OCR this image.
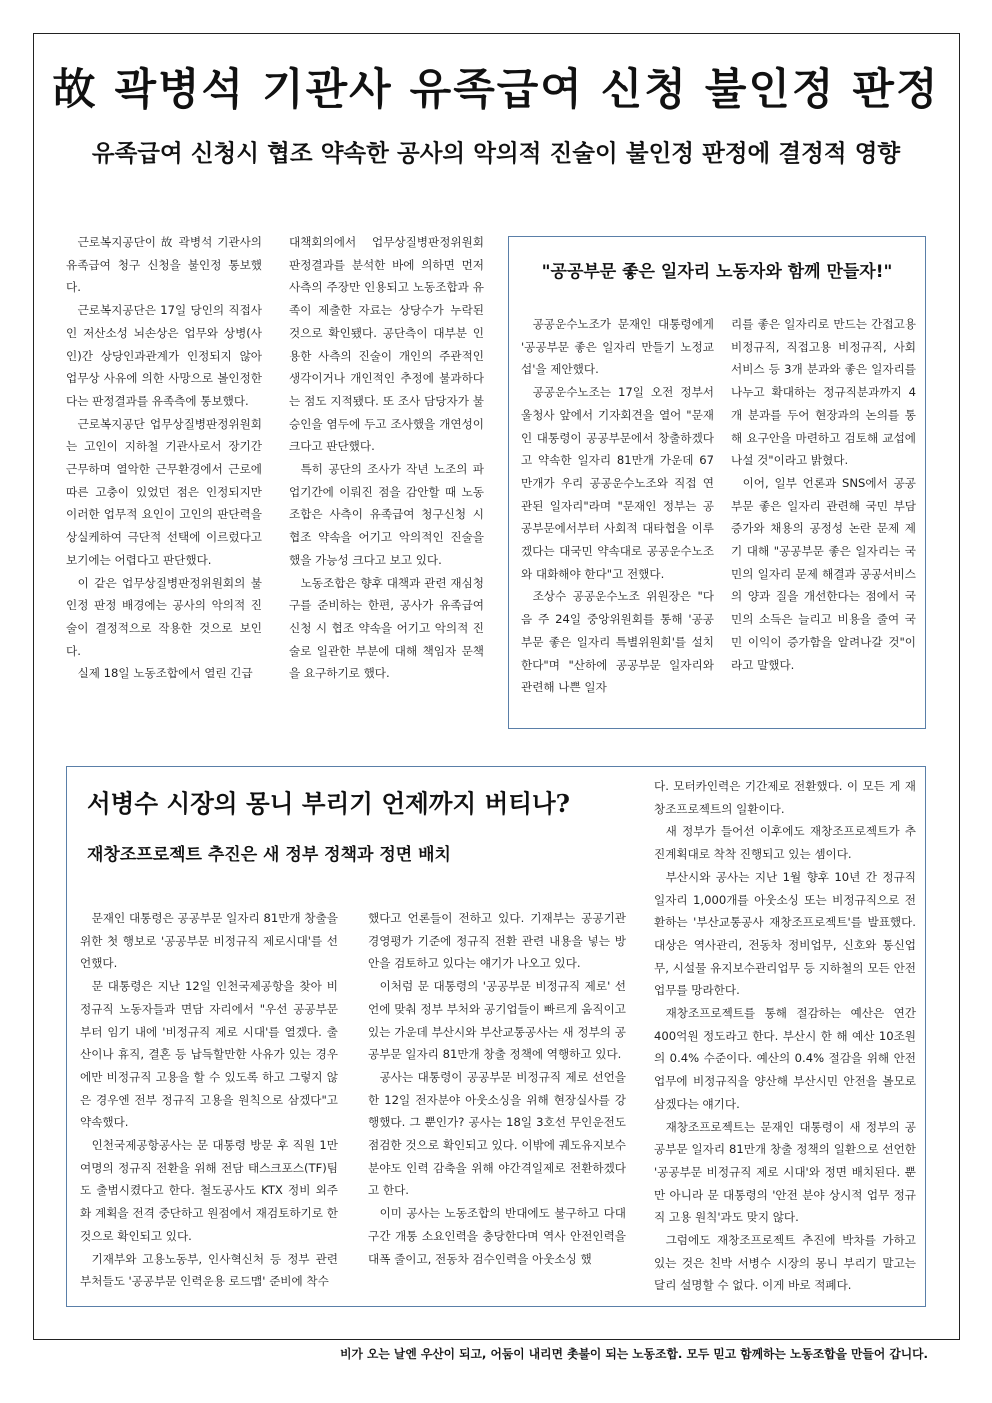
故 곽병석 기관사 유족급여 신청 불인정 판정
유족급여 신청시 협조 약속한 공사의 악의적 진술이 불인정 판정에 결정적 영향

근로복지공단이 故 곽병석 기관사의 유족급여 청구 신청을 불인정 통보했다.

근로복지공단은 17일 당인의 직접사인 저산소성 뇌손상은 업무와 상병(사인)간 상당인과관계가 인정되지 않아 업무상 사유에 의한 사망으로 볼인정한다는 판정결과를 유족측에 통보했다.

근로복지공단 업무상질병판정위원회는 고인이 지하철 기관사로서 장기간 근무하며 열악한 근무환경에서 근로에 따른 고충이 있었던 점은 인정되지만 이러한 업무적 요인이 고인의 판단력을 상실케하여 극단적 선택에 이르렀다고 보기에는 어렵다고 판단했다.

이 같은 업무상질병판정위원회의 불인정 판정 배경에는 공사의 악의적 진술이 결정적으로 작용한 것으로 보인다.

실제 18일 노동조합에서 열린 긴급

대책회의에서 업무상질병판정위원회 판정결과를 분석한 바에 의하면 먼저 사측의 주장만 인용되고 노동조합과 유족이 제출한 자료는 상당수가 누락된 것으로 확인됐다. 공단측이 대부분 인용한 사측의 진술이 개인의 주관적인 생각이거나 개인적인 추정에 불과하다는 점도 지적됐다. 또 조사 담당자가 불승인을 염두에 두고 조사했을 개연성이 크다고 판단했다.

특히 공단의 조사가 작년 노조의 파업기간에 이뤄진 점을 감안할 때 노동조합은 사측이 유족급여 청구신청 시 협조 약속을 어기고 악의적인 진술을 했을 가능성 크다고 보고 있다.

노동조합은 향후 대책과 관련 재심청구를 준비하는 한편, 공사가 유족급여 신청 시 협조 약속을 어기고 악의적 진술로 일관한 부분에 대해 책임자 문책을 요구하기로 했다.

"공공부문 좋은 일자리 노동자와 함께 만들자!"

공공운수노조가 문재인 대통령에게 '공공부문 좋은 일자리 만들기 노정교섭'을 제안했다.

공공운수노조는 17일 오전 정부서울청사 앞에서 기자회견을 열어 "문재인 대통령이 공공부문에서 창출하겠다고 약속한 일자리 81만개 가운데 67만개가 우리 공공운수노조와 직접 연관된 일자리"라며 "문재인 정부는 공공부문에서부터 사회적 대타협을 이루겠다는 대국민 약속대로 공공운수노조와 대화해야 한다"고 전했다.

조상수 공공운수노조 위원장은 "다음 주 24일 중앙위원회를 통해 '공공부문 좋은 일자리 특별위원회'를 설치한다"며 "산하에 공공부문 일자리와 관련해 나쁜 일자

리를 좋은 일자리로 만드는 간접고용 비정규직, 직접고용 비정규직, 사회서비스 등 3개 분과와 좋은 일자리를 나누고 확대하는 정규직분과까지 4개 분과를 두어 현장과의 논의를 통해 요구안을 마련하고 검토해 교섭에 나설 것"이라고 밝혔다.

이어, 일부 언론과 SNS에서 공공부문 좋은 일자리 관련해 국민 부담 증가와 채용의 공정성 논란 문제 제기 대해 "공공부문 좋은 일자리는 국민의 일자리 문제 해결과 공공서비스의 양과 질을 개선한다는 점에서 국민의 소득은 늘리고 비용을 줄여 국민 이익이 증가함을 알려나갈 것"이라고 말했다.

서병수 시장의 몽니 부리기 언제까지 버티나?
재창조프로젝트 추진은 새 정부 정책과 정면 배치

문재인 대통령은 공공부문 일자리 81만개 창출을 위한 첫 행보로 '공공부문 비정규직 제로시대'를 선언했다.

문 대통령은 지난 12일 인천국제공항을 찾아 비정규직 노동자들과 면담 자리에서 "우선 공공부문부터 임기 내에 '비정규직 제로 시대'를 열겠다. 출산이나 휴직, 결혼 등 납득할만한 사유가 있는 경우에만 비정규직 고용을 할 수 있도록 하고 그렇지 않은 경우엔 전부 정규직 고용을 원칙으로 삼겠다"고 약속했다.

인천국제공항공사는 문 대통령 방문 후 직원 1만여명의 정규직 전환을 위해 전담 태스크포스(TF)팀도 출범시켰다고 한다. 철도공사도 KTX 정비 외주화 계획을 전격 중단하고 원점에서 재검토하기로 한 것으로 확인되고 있다.

기재부와 고용노동부, 인사혁신처 등 정부 관련 부처들도 '공공부문 인력운용 로드맵' 준비에 착수

했다고 언론들이 전하고 있다. 기재부는 공공기관 경영평가 기준에 정규직 전환 관련 내용을 넣는 방안을 검토하고 있다는 얘기가 나오고 있다.

이처럼 문 대통령의 '공공부문 비정규직 제로' 선언에 맞춰 정부 부처와 공기업들이 빠르게 움직이고 있는 가운데 부산시와 부산교통공사는 새 정부의 공공부문 일자리 81만개 창출 정책에 역행하고 있다.

공사는 대통령이 공공부문 비정규직 제로 선언을 한 12일 전자분야 아웃소싱을 위해 현장실사를 강행했다. 그 뿐인가? 공사는 18일 3호선 무인운전도 점검한 것으로 확인되고 있다. 이밖에 궤도유지보수분야도 인력 감축을 위해 야간격일제로 전환하겠다고 한다.

이미 공사는 노동조합의 반대에도 불구하고 다대구간 개통 소요인력을 충당한다며 역사 안전인력을 대폭 줄이고, 전동차 검수인력을 아웃소싱 했

다. 모터카인력은 기간제로 전환했다. 이 모든 게 재창조프로젝트의 일환이다.

새 정부가 들어선 이후에도 재창조프로젝트가 추진계획대로 착착 진행되고 있는 셈이다.

부산시와 공사는 지난 1월 향후 10년 간 정규직 일자리 1,000개를 아웃소싱 또는 비정규직으로 전환하는 '부산교통공사 재창조프로젝트'를 발표했다. 대상은 역사관리, 전동차 정비업무, 신호와 통신업무, 시설물 유지보수관리업무 등 지하철의 모든 안전업무를 망라한다.

재창조프로젝트를 통해 절감하는 예산은 연간 400억원 정도라고 한다. 부산시 한 해 예산 10조원의 0.4% 수준이다. 예산의 0.4% 절감을 위해 안전업무에 비정규직을 양산해 부산시민 안전을 볼모로 삼겠다는 얘기다.

재창조프로젝트는 문재인 대통령이 새 정부의 공공부문 일자리 81만개 창출 정책의 일환으로 선언한 '공공부문 비정규직 제로 시대'와 정면 배치된다. 뿐만 아니라 문 대통령의 '안전 분야 상시적 업무 정규직 고용 원칙'과도 맞지 않다.

그럼에도 재창조프로젝트 추진에 박차를 가하고 있는 것은 친박 서병수 시장의 몽니 부리기 말고는 달리 설명할 수 없다. 이게 바로 적폐다.

비가 오는 날엔 우산이 되고, 어둠이 내리면 촛불이 되는 노동조합. 모두 믿고 함께하는 노동조합을 만들어 갑니다.
